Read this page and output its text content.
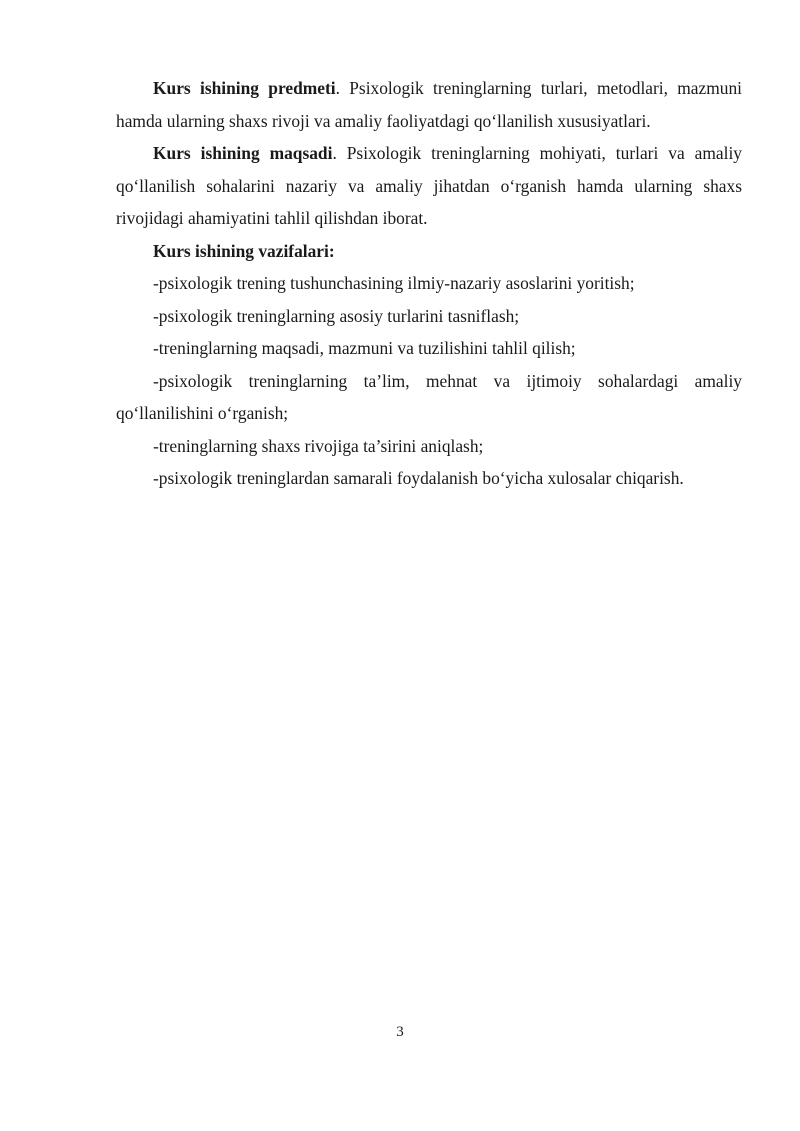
Kurs ishining predmeti. Psixologik treninglarning turlari, metodlari, mazmuni hamda ularning shaxs rivoji va amaliy faoliyatdagi qo‘llanilish xususiyatlari.

Kurs ishining maqsadi. Psixologik treninglarning mohiyati, turlari va amaliy qo‘llanilish sohalarini nazariy va amaliy jihatdan o‘rganish hamda ularning shaxs rivojidagi ahamiyatini tahlil qilishdan iborat.

Kurs ishining vazifalari:

-psixologik trening tushunchasining ilmiy-nazariy asoslarini yoritish;

-psixologik treninglarning asosiy turlarini tasniflash;

-treninglarning maqsadi, mazmuni va tuzilishini tahlil qilish;

-psixologik treninglarning ta’lim, mehnat va ijtimoiy sohalardagi amaliy qo‘llanilishini o‘rganish;

-treninglarning shaxs rivojiga ta’sirini aniqlash;

-psixologik treninglardan samarali foydalanish bo‘yicha xulosalar chiqarish.

3
